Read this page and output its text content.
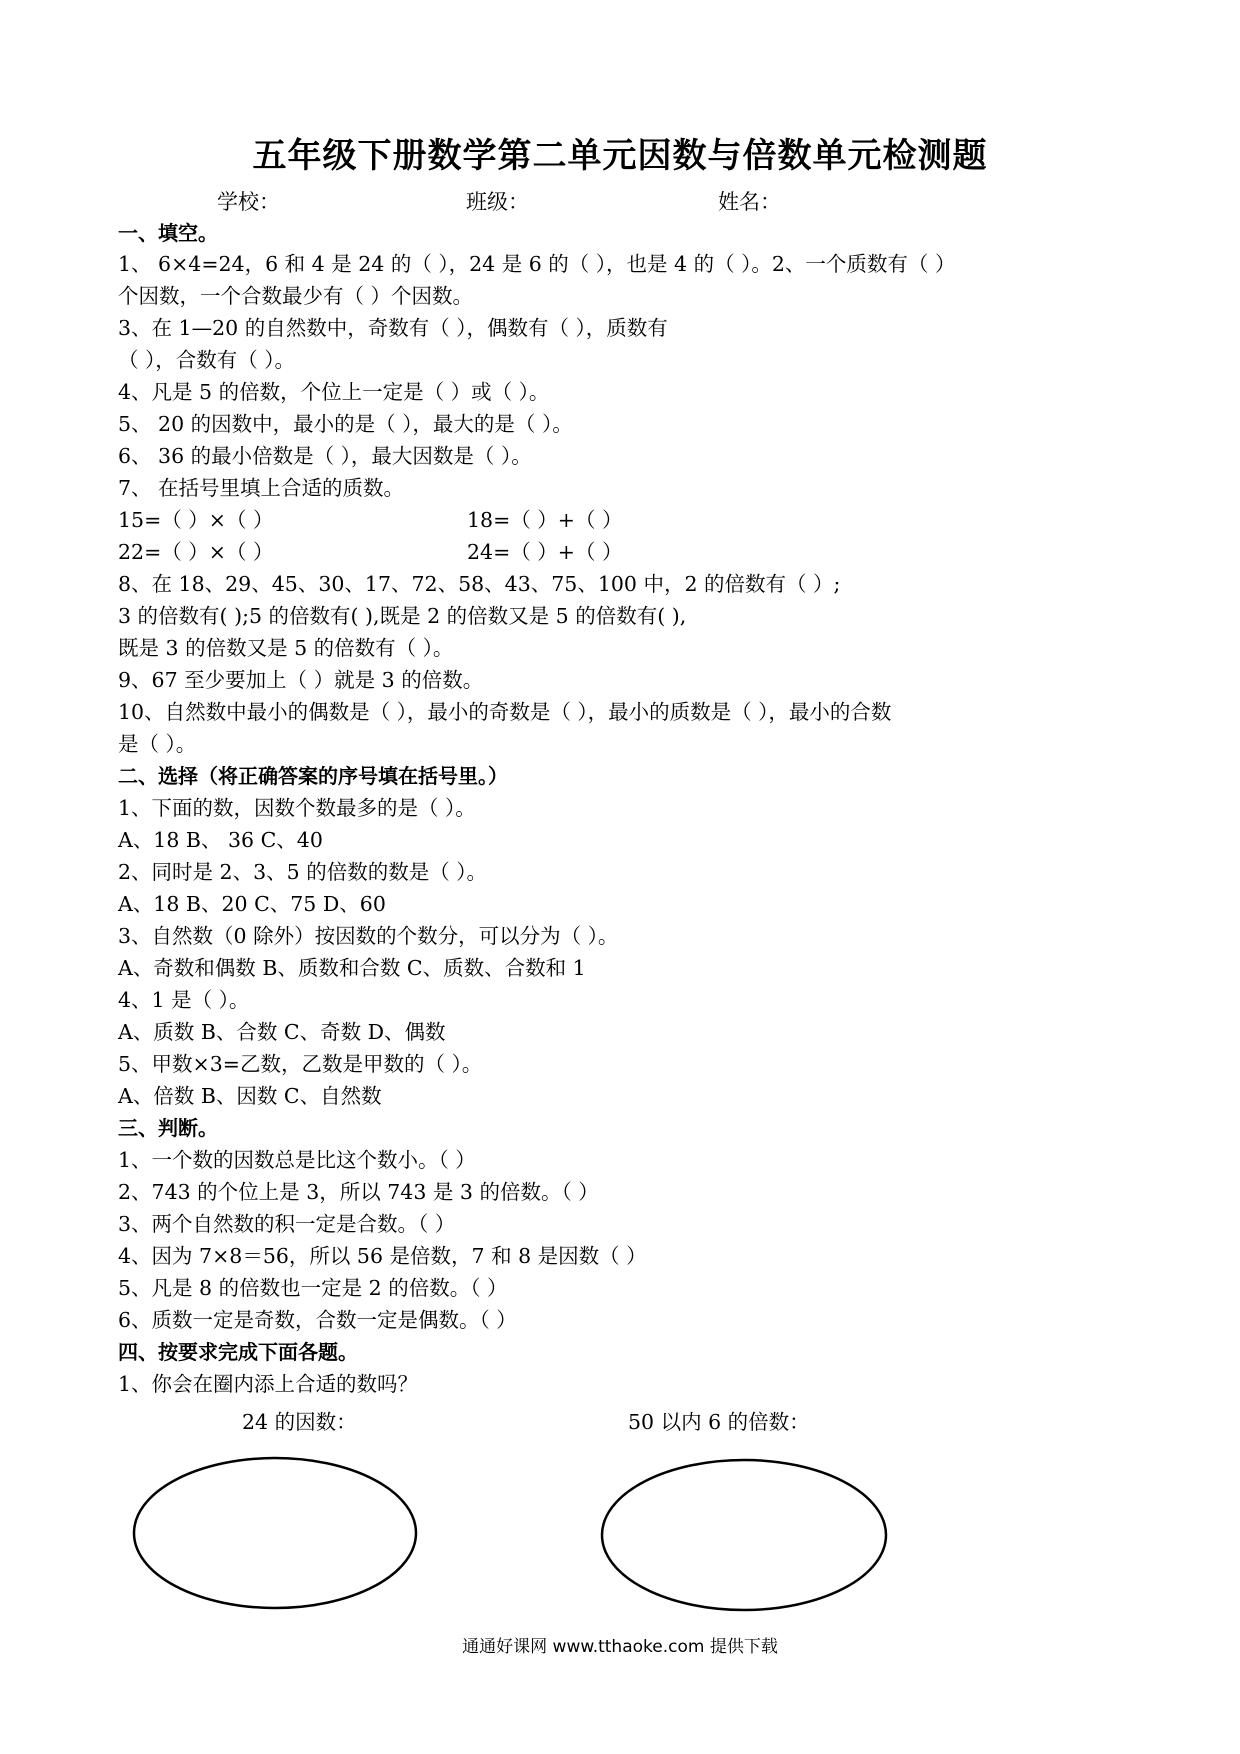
五年级下册数学第二单元因数与倍数单元检测题
学校：	班级：	姓名：
一、填空。
1、 6×4=24，6 和 4 是 24 的（ ），24 是 6 的（ ），也是 4 的（ ）。2、一个质数有（ ）
个因数，一个合数最少有（ ）个因数。
3、在 1—20 的自然数中，奇数有（ ），偶数有（ ），质数有
（ ），合数有（ ）。
4、凡是 5 的倍数，个位上一定是（ ）或（ ）。
5、 20 的因数中，最小的是（ ），最大的是（ ）。
6、 36 的最小倍数是（ ），最大因数是（ ）。
7、 在括号里填上合适的质数。
15=（ ）×（ ）	18=（ ）+（ ）
22=（ ）×（ ）	24=（ ）+（ ）
8、在 18、29、45、30、17、72、58、43、75、100 中，2 的倍数有（ ）;
3 的倍数有( );5 的倍数有( ),既是 2 的倍数又是 5 的倍数有( ),
既是 3 的倍数又是 5 的倍数有（ ）。
9、67 至少要加上（ ）就是 3 的倍数。
10、自然数中最小的偶数是（ ），最小的奇数是（ ），最小的质数是（ ），最小的合数
是（ ）。
二、选择（将正确答案的序号填在括号里。）
1、下面的数，因数个数最多的是（ ）。
A、18 B、 36 C、40
2、同时是 2、3、5 的倍数的数是（ ）。
A、18 B、20 C、75 D、60
3、自然数（0 除外）按因数的个数分，可以分为（ ）。
A、奇数和偶数 B、质数和合数 C、质数、合数和 1
4、1 是（ ）。
A、质数 B、合数 C、奇数 D、偶数
5、甲数×3=乙数，乙数是甲数的（ ）。
A、倍数 B、因数 C、自然数
三、判断。
1、一个数的因数总是比这个数小。（ ）
2、743 的个位上是 3，所以 743 是 3 的倍数。（ ）
3、两个自然数的积一定是合数。（ ）
4、因为 7×8＝56，所以 56 是倍数，7 和 8 是因数（ ）
5、凡是 8 的倍数也一定是 2 的倍数。（ ）
6、质数一定是奇数，合数一定是偶数。（ ）
四、按要求完成下面各题。
1、你会在圈内添上合适的数吗？
24 的因数：	50 以内 6 的倍数：
通通好课网 www.tthaoke.com 提供下载
